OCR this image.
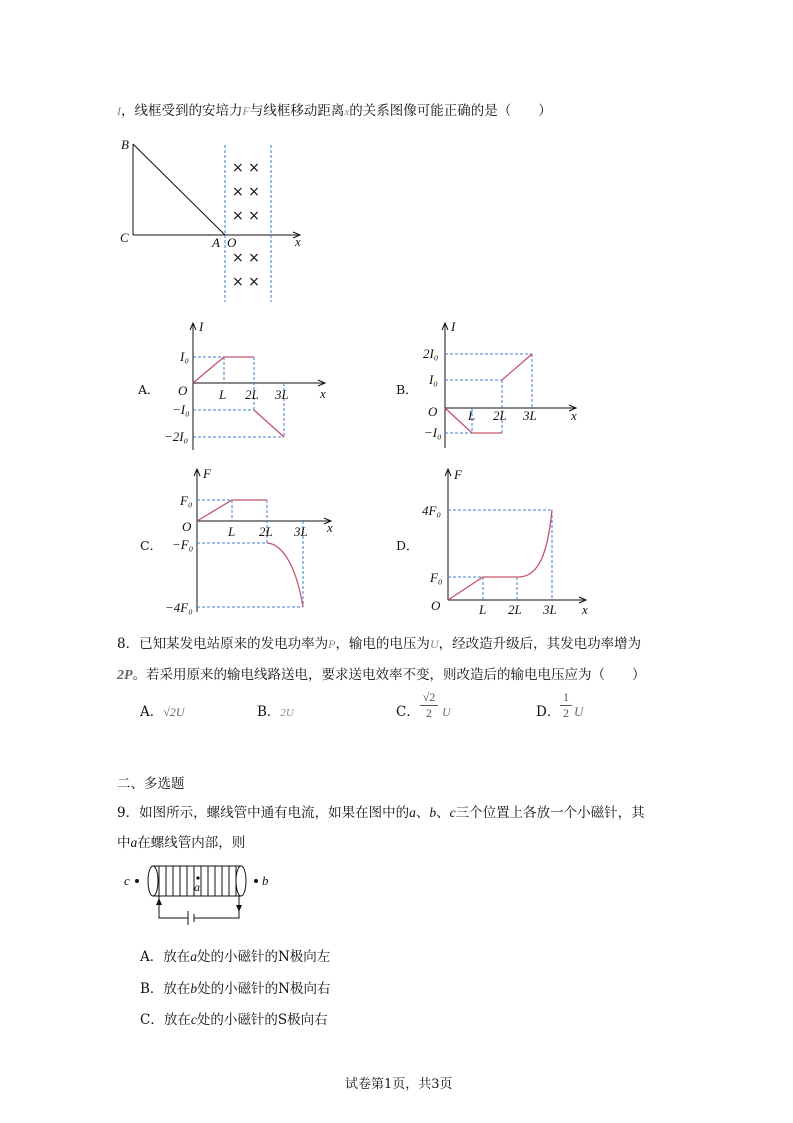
I，线框受到的安培力F与线框移动距离x的关系图像可能正确的是（　　）
B
C	A O	x
× ×
× ×
× ×
× ×
× ×
A．
I
x
O
I₀
−I₀
−2I₀
L 2L 3L	B．
I
x
O
2I₀
I₀
−I₀
L 2L 3L
C．
F
x
O
F₀
−F₀
−4F₀
L 2L 3L
D．
F
x
O
4F₀
F₀
L 2L 3L
8．已知某发电站原来的发电功率为P，输电的电压为U，经改造升级后，其发电功率增为
2P。若采用原来的输电线路送电，要求送电效率不变，则改造后的输电电压应为（　　）
A．√2U	B．2U	C．
√2
2 U	D．
1
2 U
二、多选题
9．如图所示，螺线管中通有电流，如果在图中的a、b、c三个位置上各放一个小磁针，其
中a在螺线管内部，则
c	b
a
A．放在a处的小磁针的N极向左
B．放在b处的小磁针的N极向右
C．放在c处的小磁针的S极向右
试卷第1页，共3页
